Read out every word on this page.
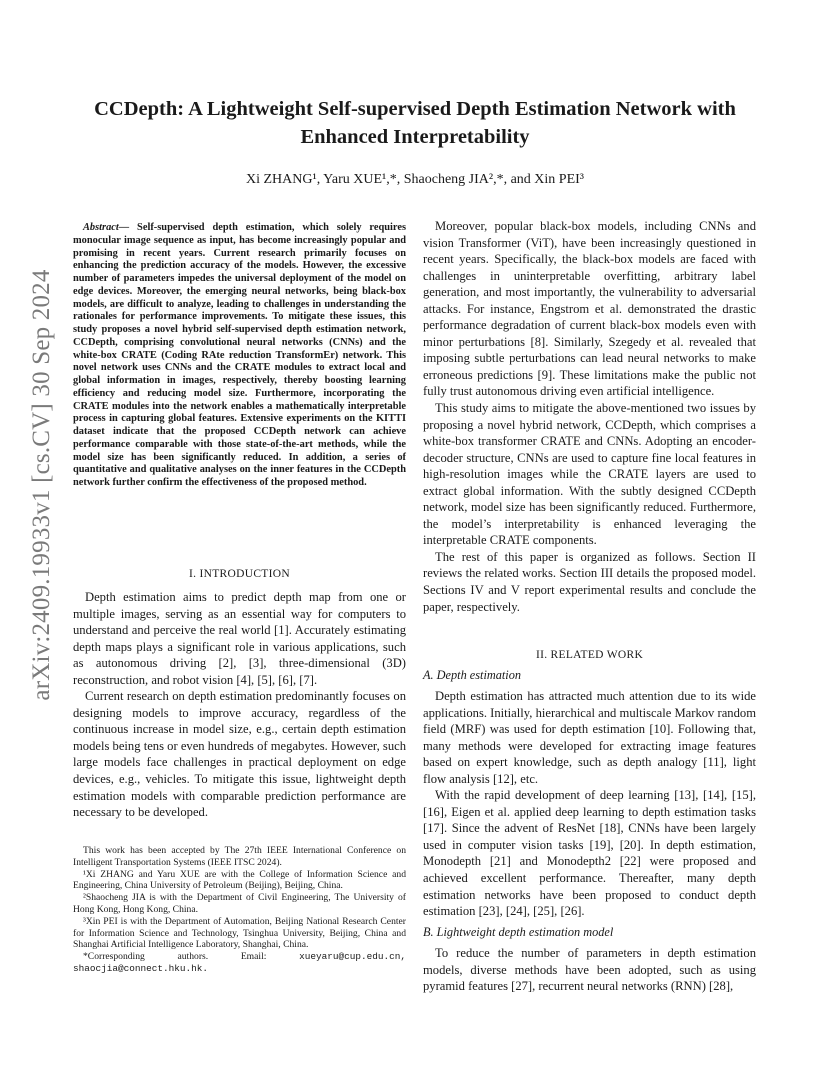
arXiv:2409.19933v1 [cs.CV] 30 Sep 2024
CCDepth: A Lightweight Self-supervised Depth Estimation Network with Enhanced Interpretability
Xi ZHANG¹, Yaru XUE¹,*, Shaocheng JIA²,*, and Xin PEI³

Abstract— Self-supervised depth estimation, which solely requires monocular image sequence as input, has become increasingly popular and promising in recent years. Current research primarily focuses on enhancing the prediction accuracy of the models. However, the excessive number of parameters impedes the universal deployment of the model on edge devices. Moreover, the emerging neural networks, being black-box models, are difficult to analyze, leading to challenges in understanding the rationales for performance improvements. To mitigate these issues, this study proposes a novel hybrid self-supervised depth estimation network, CCDepth, comprising convolutional neural networks (CNNs) and the white-box CRATE (Coding RAte reduction TransformEr) network. This novel network uses CNNs and the CRATE modules to extract local and global information in images, respectively, thereby boosting learning efficiency and reducing model size. Furthermore, incorporating the CRATE modules into the network enables a mathematically interpretable process in capturing global features. Extensive experiments on the KITTI dataset indicate that the proposed CCDepth network can achieve performance comparable with those state-of-the-art methods, while the model size has been significantly reduced. In addition, a series of quantitative and qualitative analyses on the inner features in the CCDepth network further confirm the effectiveness of the proposed method.

I. INTRODUCTION

Depth estimation aims to predict depth map from one or multiple images, serving as an essential way for computers to understand and perceive the real world [1]. Accurately estimating depth maps plays a significant role in various applications, such as autonomous driving [2], [3], three-dimensional (3D) reconstruction, and robot vision [4], [5], [6], [7].

Current research on depth estimation predominantly focuses on designing models to improve accuracy, regardless of the continuous increase in model size, e.g., certain depth estimation models being tens or even hundreds of megabytes. However, such large models face challenges in practical deployment on edge devices, e.g., vehicles. To mitigate this issue, lightweight depth estimation models with comparable prediction performance are necessary to be developed.

This work has been accepted by The 27th IEEE International Conference on Intelligent Transportation Systems (IEEE ITSC 2024).

¹Xi ZHANG and Yaru XUE are with the College of Information Science and Engineering, China University of Petroleum (Beijing), Beijing, China.

²Shaocheng JIA is with the Department of Civil Engineering, The University of Hong Kong, Hong Kong, China.

³Xin PEI is with the Department of Automation, Beijing National Research Center for Information Science and Technology, Tsinghua University, Beijing, China and Shanghai Artificial Intelligence Laboratory, Shanghai, China.

*Corresponding authors. Email:	xueyaru@cup.edu.cn, shaocjia@connect.hku.hk.

Moreover, popular black-box models, including CNNs and vision Transformer (ViT), have been increasingly questioned in recent years. Specifically, the black-box models are faced with challenges in uninterpretable overfitting, arbitrary label generation, and most importantly, the vulnerability to adversarial attacks. For instance, Engstrom et al. demonstrated the drastic performance degradation of current black-box models even with minor perturbations [8]. Similarly, Szegedy et al. revealed that imposing subtle perturbations can lead neural networks to make erroneous predictions [9]. These limitations make the public not fully trust autonomous driving even artificial intelligence.

This study aims to mitigate the above-mentioned two issues by proposing a novel hybrid network, CCDepth, which comprises a white-box transformer CRATE and CNNs. Adopting an encoder-decoder structure, CNNs are used to capture fine local features in high-resolution images while the CRATE layers are used to extract global information. With the subtly designed CCDepth network, model size has been significantly reduced. Furthermore, the model’s interpretability is enhanced leveraging the interpretable CRATE components.

The rest of this paper is organized as follows. Section II reviews the related works. Section III details the proposed model. Sections IV and V report experimental results and conclude the paper, respectively.

II. RELATED WORK
A. Depth estimation

Depth estimation has attracted much attention due to its wide applications. Initially, hierarchical and multiscale Markov random field (MRF) was used for depth estimation [10]. Following that, many methods were developed for extracting image features based on expert knowledge, such as depth analogy [11], light flow analysis [12], etc.

With the rapid development of deep learning [13], [14], [15], [16], Eigen et al. applied deep learning to depth estimation tasks [17]. Since the advent of ResNet [18], CNNs have been largely used in computer vision tasks [19], [20]. In depth estimation, Monodepth [21] and Monodepth2 [22] were proposed and achieved excellent performance. Thereafter, many depth estimation networks have been proposed to conduct depth estimation [23], [24], [25], [26].

B. Lightweight depth estimation model

To reduce the number of parameters in depth estimation models, diverse methods have been adopted, such as using pyramid features [27], recurrent neural networks (RNN) [28],
